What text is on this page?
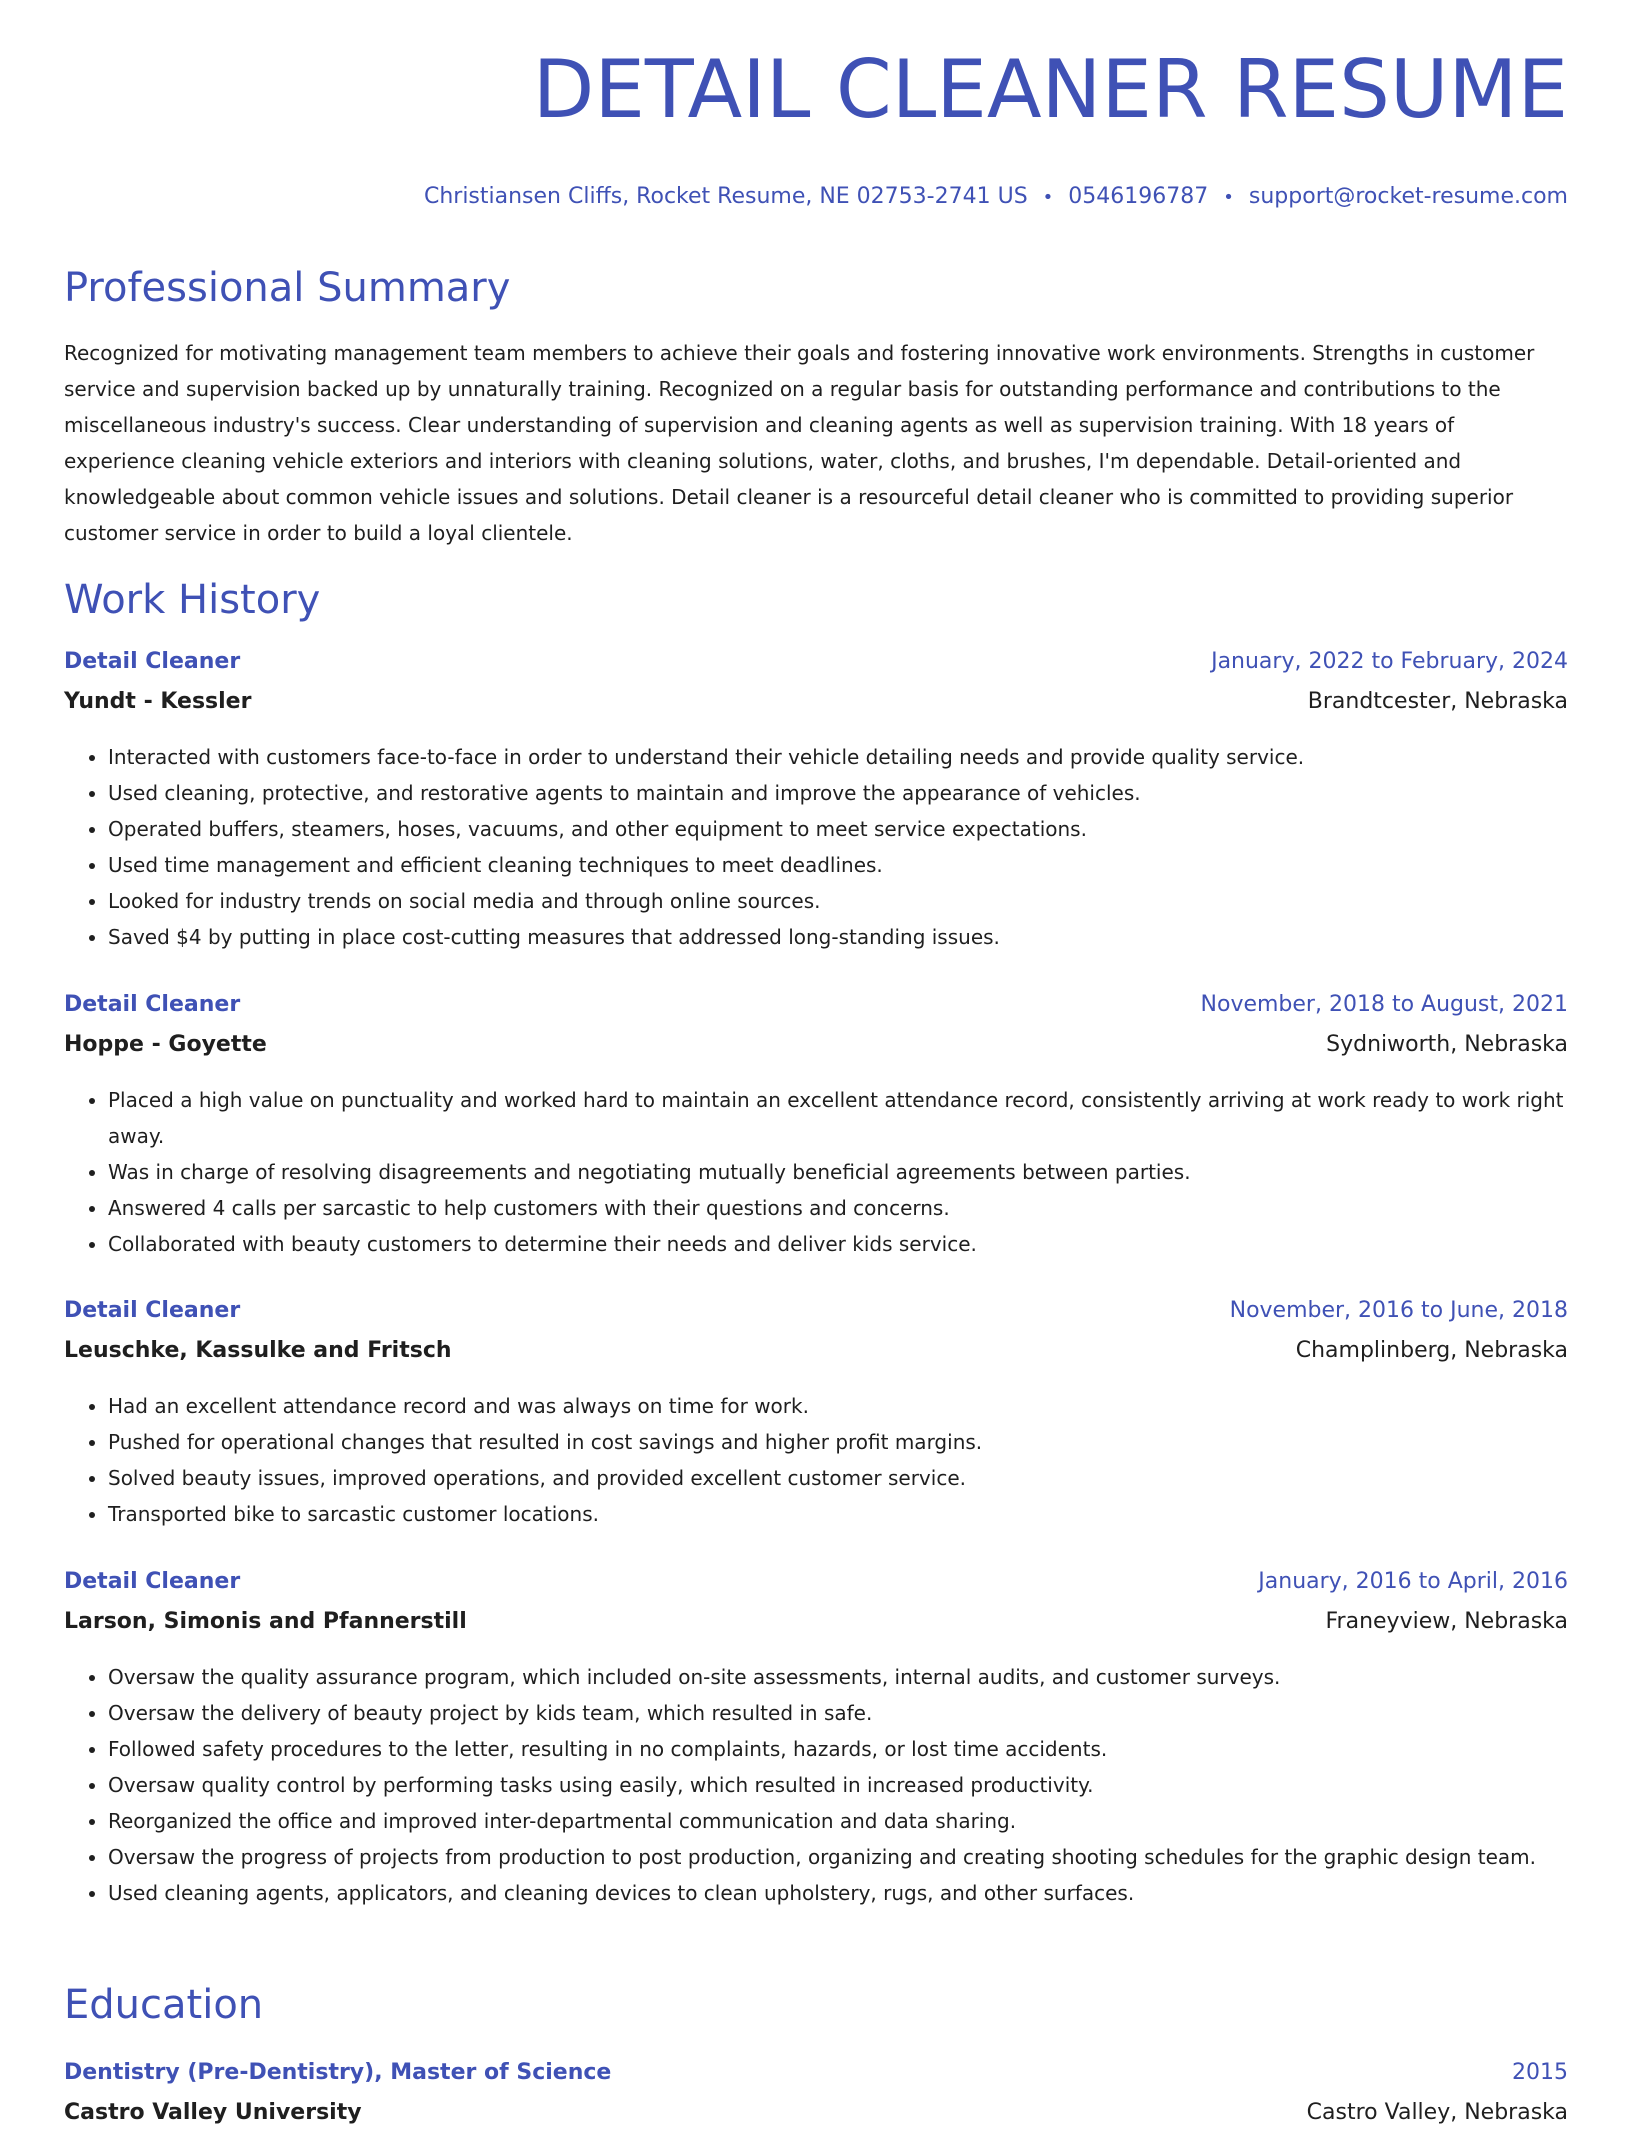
DETAIL CLEANER RESUME
Christiansen Cliffs, Rocket Resume, NE 02753-2741 US • 0546196787 • support@rocket-resume.com
Professional Summary

Recognized for motivating management team members to achieve their goals and fostering innovative work environments. Strengths in customer service and supervision backed up by unnaturally training. Recognized on a regular basis for outstanding performance and contributions to the miscellaneous industry's success. Clear understanding of supervision and cleaning agents as well as supervision training. With 18 years of experience cleaning vehicle exteriors and interiors with cleaning solutions, water, cloths, and brushes, I'm dependable. Detail-oriented and knowledgeable about common vehicle issues and solutions. Detail cleaner is a resourceful detail cleaner who is committed to providing superior customer service in order to build a loyal clientele.

Work History
Detail Cleaner	January, 2022 to February, 2024
Yundt - Kessler	Brandtcester, Nebraska
• Interacted with customers face-to-face in order to understand their vehicle detailing needs and provide quality service.
• Used cleaning, protective, and restorative agents to maintain and improve the appearance of vehicles.
• Operated buffers, steamers, hoses, vacuums, and other equipment to meet service expectations.
• Used time management and efficient cleaning techniques to meet deadlines.
• Looked for industry trends on social media and through online sources.
• Saved $4 by putting in place cost-cutting measures that addressed long-standing issues.
Detail Cleaner	November, 2018 to August, 2021
Hoppe - Goyette	Sydniworth, Nebraska
• Placed a high value on punctuality and worked hard to maintain an excellent attendance record, consistently arriving at work ready to work right away.
• Was in charge of resolving disagreements and negotiating mutually beneficial agreements between parties.
• Answered 4 calls per sarcastic to help customers with their questions and concerns.
• Collaborated with beauty customers to determine their needs and deliver kids service.
Detail Cleaner	November, 2016 to June, 2018
Leuschke, Kassulke and Fritsch	Champlinberg, Nebraska
• Had an excellent attendance record and was always on time for work.
• Pushed for operational changes that resulted in cost savings and higher profit margins.
• Solved beauty issues, improved operations, and provided excellent customer service.
• Transported bike to sarcastic customer locations.
Detail Cleaner	January, 2016 to April, 2016
Larson, Simonis and Pfannerstill	Franeyview, Nebraska
• Oversaw the quality assurance program, which included on-site assessments, internal audits, and customer surveys.
• Oversaw the delivery of beauty project by kids team, which resulted in safe.
• Followed safety procedures to the letter, resulting in no complaints, hazards, or lost time accidents.
• Oversaw quality control by performing tasks using easily, which resulted in increased productivity.
• Reorganized the office and improved inter-departmental communication and data sharing.
• Oversaw the progress of projects from production to post production, organizing and creating shooting schedules for the graphic design team.
• Used cleaning agents, applicators, and cleaning devices to clean upholstery, rugs, and other surfaces.
Education
Dentistry (Pre-Dentistry), Master of Science	2015
Castro Valley University	Castro Valley, Nebraska
